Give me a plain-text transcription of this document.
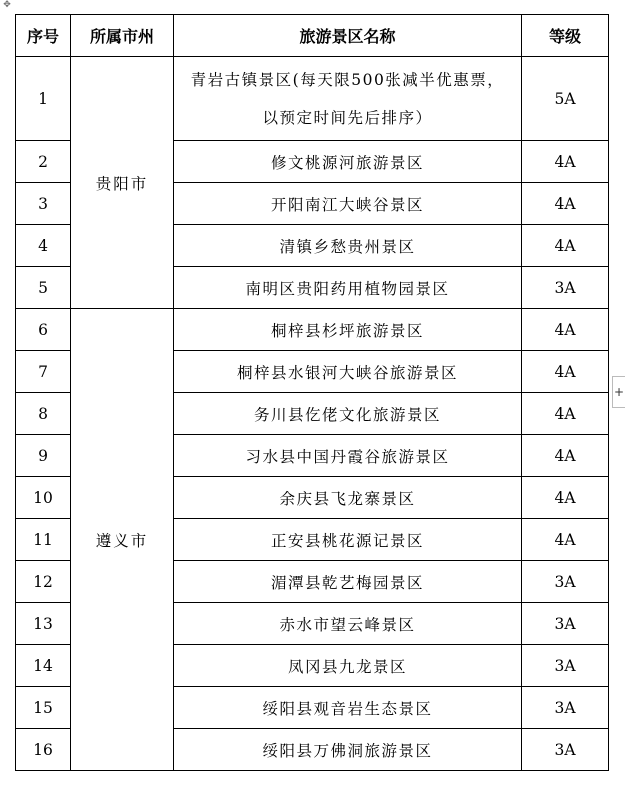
✥
+
序号	所属市州	旅游景区名称	等级
1	贵阳市	青岩古镇景区(每天限500张减半优惠票，
以预定时间先后排序）	5A
2		修文桃源河旅游景区	4A
3		开阳南江大峡谷景区	4A
4		清镇乡愁贵州景区	4A
5		南明区贵阳药用植物园景区	3A
6	遵义市	桐梓县杉坪旅游景区	4A
7		桐梓县水银河大峡谷旅游景区	4A
8		务川县仡佬文化旅游景区	4A
9		习水县中国丹霞谷旅游景区	4A
10		余庆县飞龙寨景区	4A
11		正安县桃花源记景区	4A
12		湄潭县乾艺梅园景区	3A
13		赤水市望云峰景区	3A
14		凤冈县九龙景区	3A
15		绥阳县观音岩生态景区	3A
16		绥阳县万佛洞旅游景区	3A
